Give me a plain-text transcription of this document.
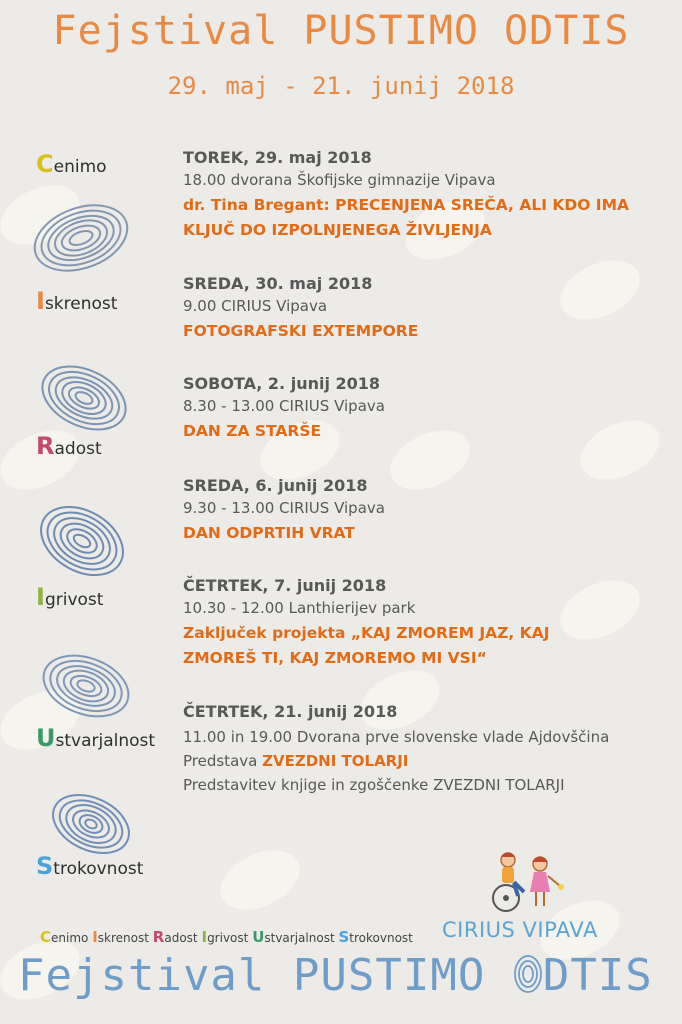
Fejstival PUSTIMO ODTIS
29. maj - 21. junij 2018
Cenimo
Iskrenost
Radost
Igrivost
Ustvarjalnost
Strokovnost
TOREK, 29. maj 2018
18.00 dvorana Škofijske gimnazije Vipava
dr. Tina Bregant: PRECENJENA SREČA, ALI KDO IMA
KLJUČ DO IZPOLNJENEGA ŽIVLJENJA
SREDA, 30. maj 2018
9.00 CIRIUS Vipava
FOTOGRAFSKI EXTEMPORE
SOBOTA, 2. junij 2018
8.30 - 13.00 CIRIUS Vipava
DAN ZA STARŠE
SREDA, 6. junij 2018
9.30 - 13.00 CIRIUS Vipava
DAN ODPRTIH VRAT
ČETRTEK, 7. junij 2018
10.30 - 12.00 Lanthierijev park
Zaključek projekta „KAJ ZMOREM JAZ, KAJ
ZMOREŠ TI, KAJ ZMOREMO MI VSI“
ČETRTEK, 21. junij 2018
11.00 in 19.00 Dvorana prve slovenske vlade Ajdovščina
Predstava ZVEZDNI TOLARJI
Predstavitev knjige in zgoščenke ZVEZDNI TOLARJI
CIRIUS VIPAVA
Cenimo Iskrenost Radost Igrivost Ustvarjalnost Strokovnost
Fejstival PUSTIMO DTIS
